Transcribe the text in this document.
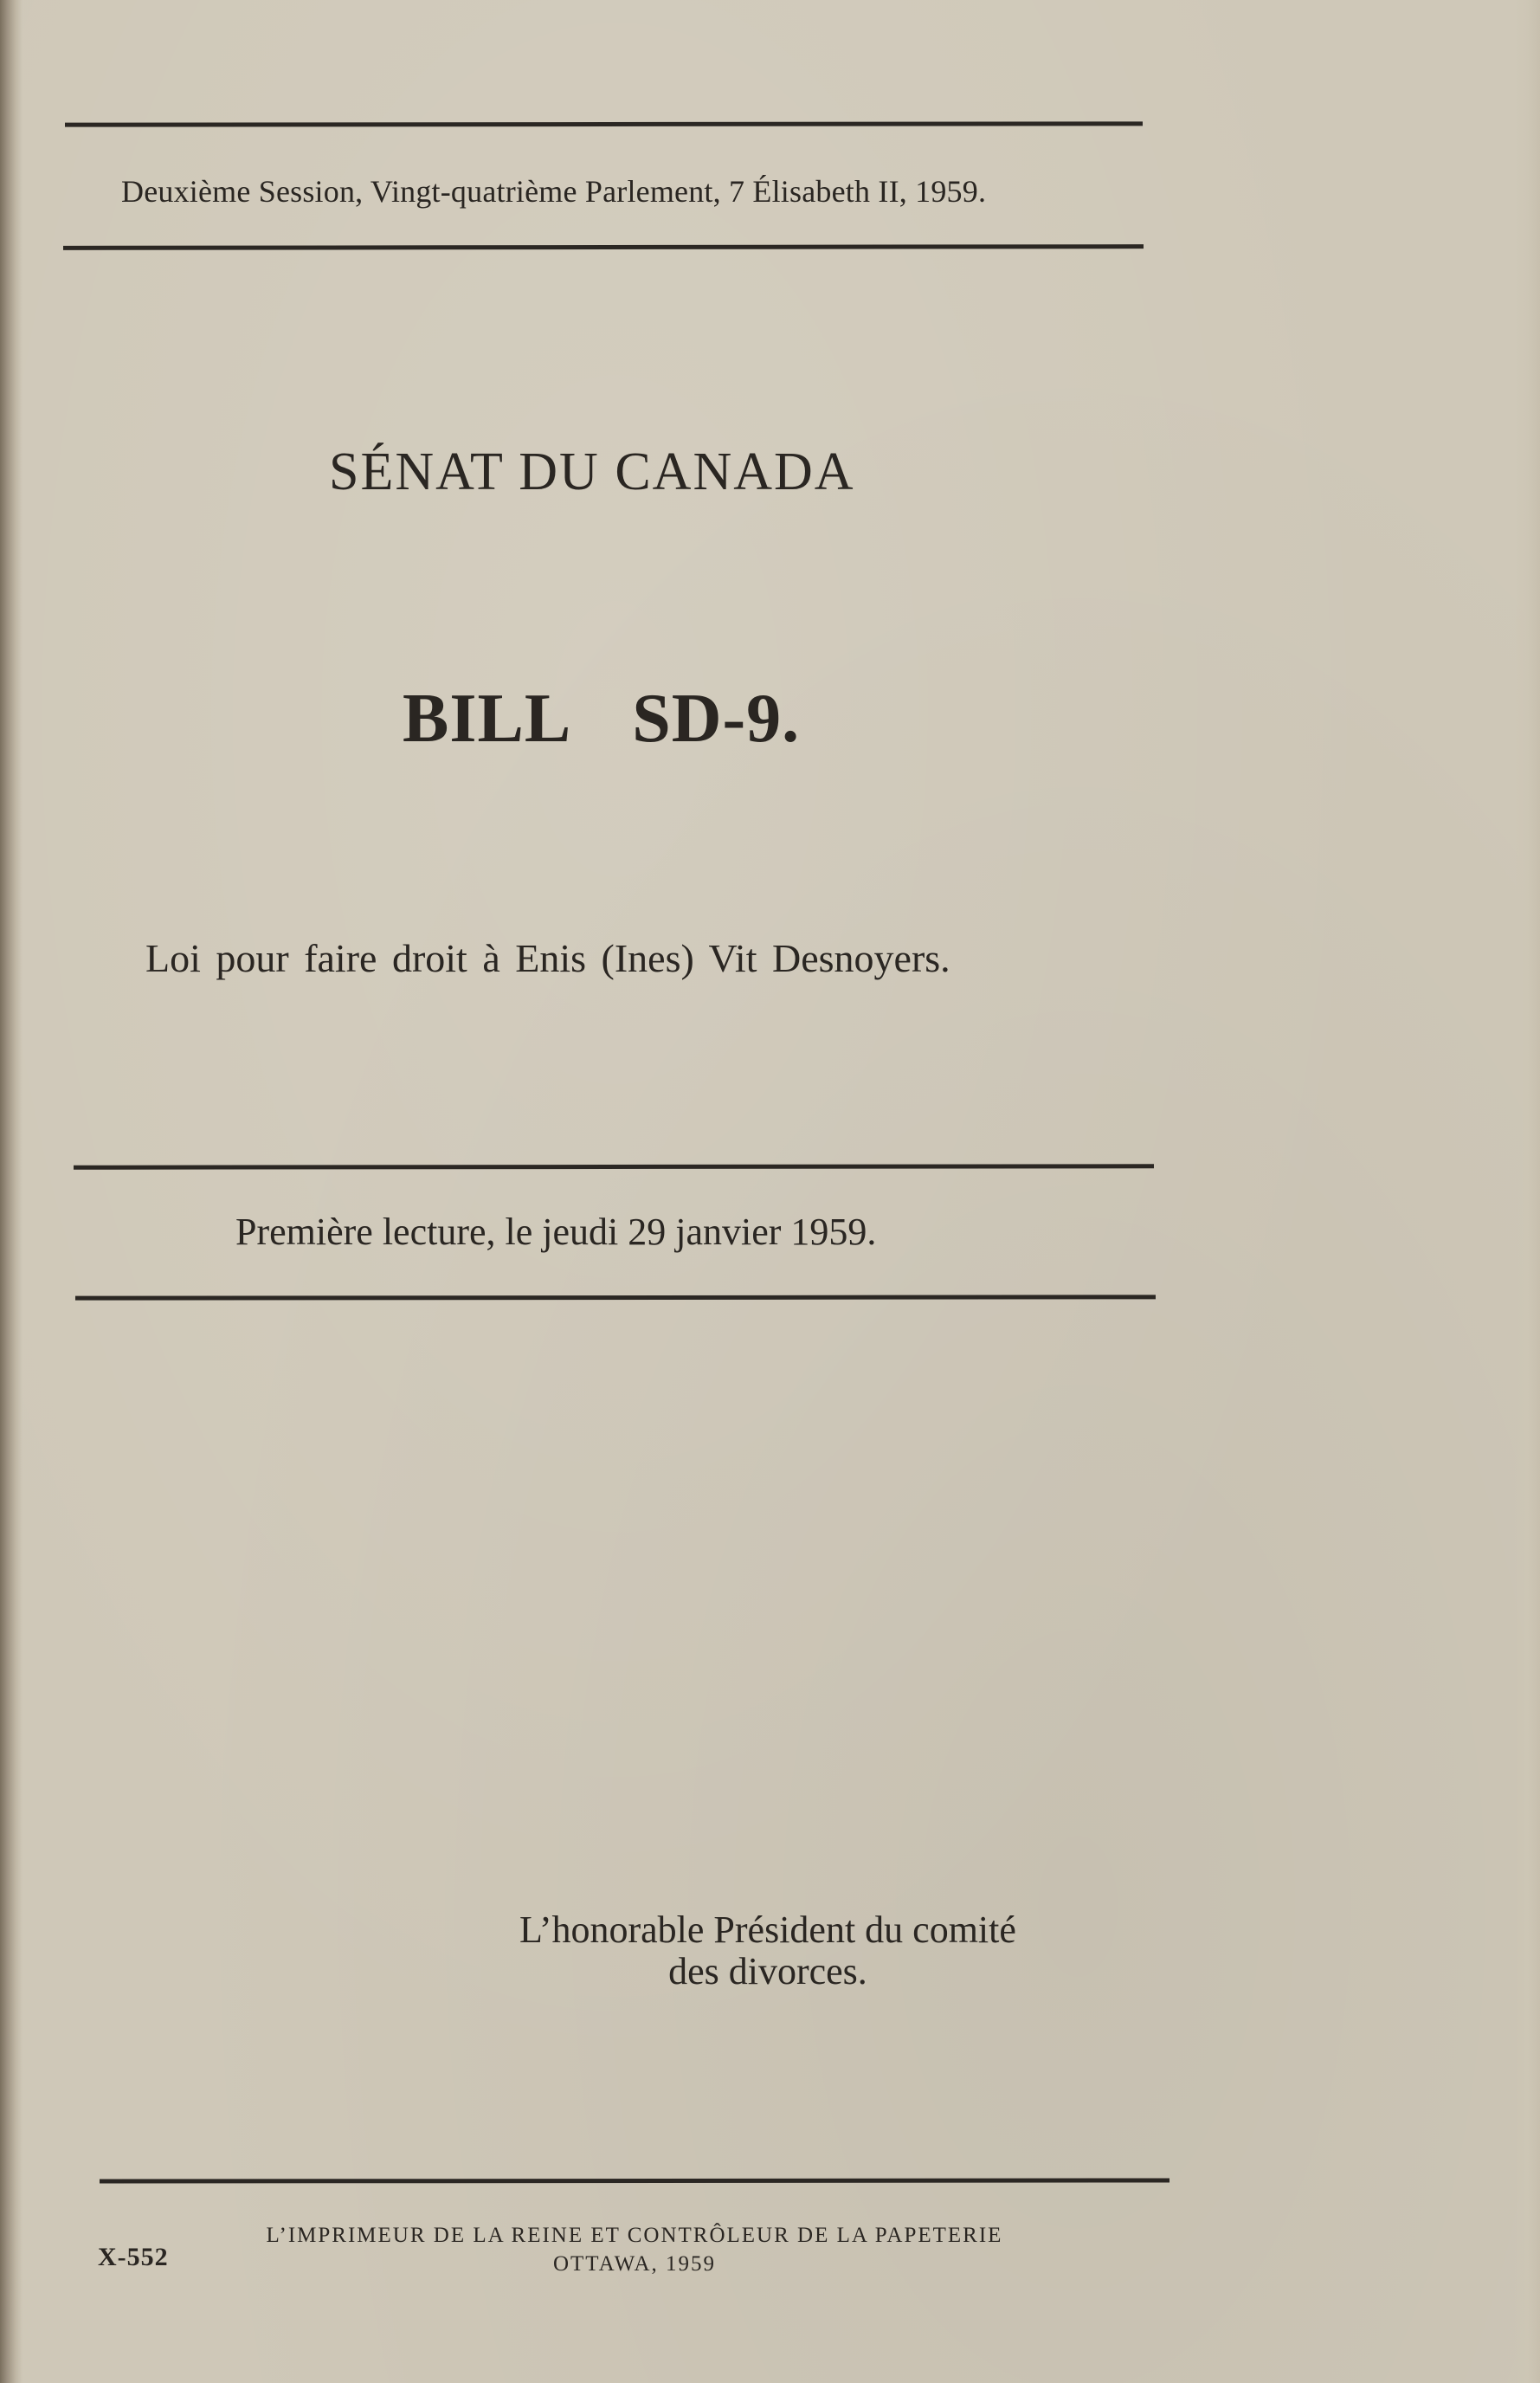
Deuxième Session, Vingt-quatrième Parlement, 7 Élisabeth II, 1959.
SÉNAT DU CANADA
BILL SD-9.
Loi pour faire droit à Enis (Ines) Vit Desnoyers.
Première lecture, le jeudi 29 janvier 1959.
L’honorable Président du comité
des divorces.
L’IMPRIMEUR DE LA REINE ET CONTRÔLEUR DE LA PAPETERIE
OTTAWA, 1959
X-552
